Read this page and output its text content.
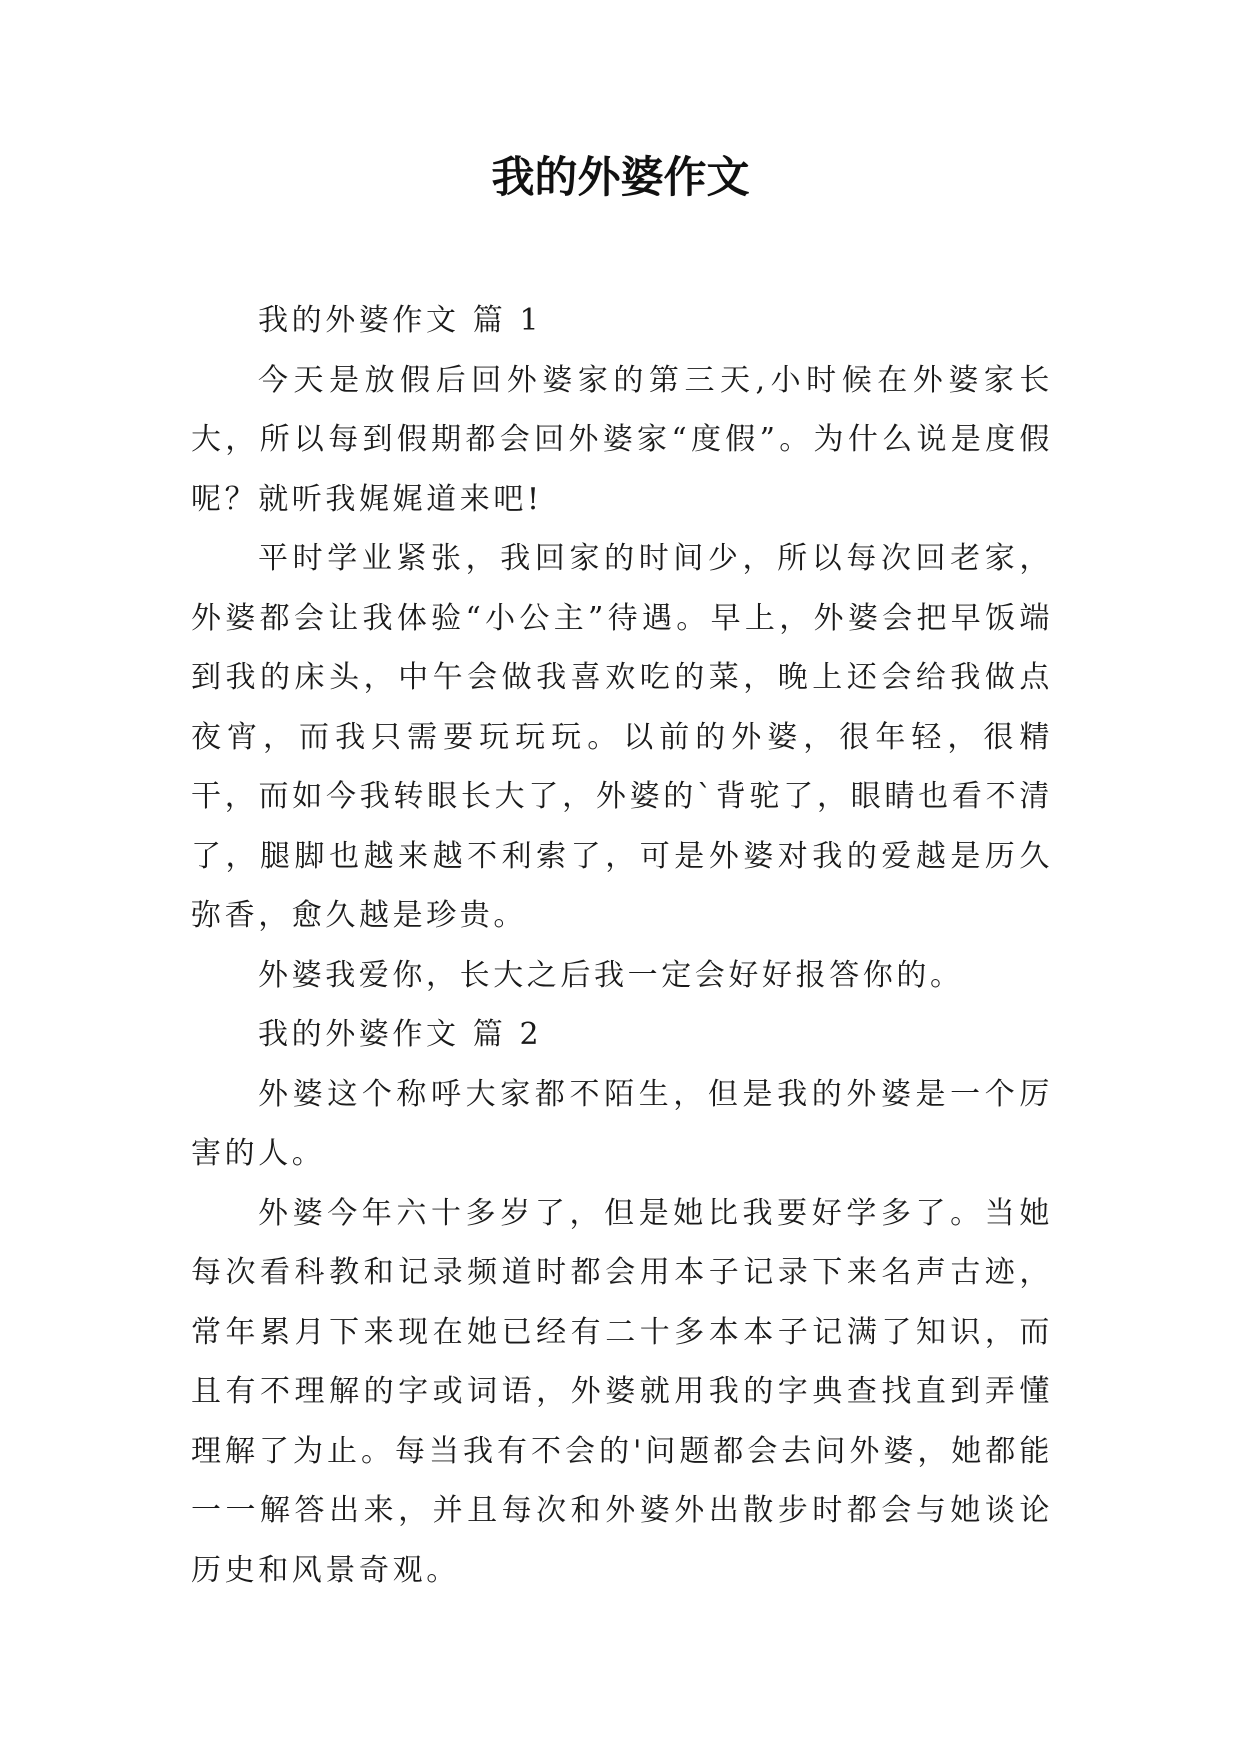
我的外婆作文

我的外婆作文 篇 1

今天是放假后回外婆家的第三天,小时候在外婆家长大，所以每到假期都会回外婆家“度假”。为什么说是度假呢？就听我娓娓道来吧!

平时学业紧张，我回家的时间少，所以每次回老家，外婆都会让我体验“小公主”待遇。早上，外婆会把早饭端到我的床头，中午会做我喜欢吃的菜，晚上还会给我做点夜宵，而我只需要玩玩玩。以前的外婆，很年轻，很精干，而如今我转眼长大了，外婆的`背驼了，眼睛也看不清了，腿脚也越来越不利索了，可是外婆对我的爱越是历久弥香，愈久越是珍贵。

外婆我爱你，长大之后我一定会好好报答你的。

我的外婆作文 篇 2

外婆这个称呼大家都不陌生，但是我的外婆是一个厉害的人。

外婆今年六十多岁了，但是她比我要好学多了。当她每次看科教和记录频道时都会用本子记录下来名声古迹，常年累月下来现在她已经有二十多本本子记满了知识，而且有不理解的字或词语，外婆就用我的字典查找直到弄懂理解了为止。每当我有不会的'问题都会去问外婆，她都能一一解答出来，并且每次和外婆外出散步时都会与她谈论历史和风景奇观。
